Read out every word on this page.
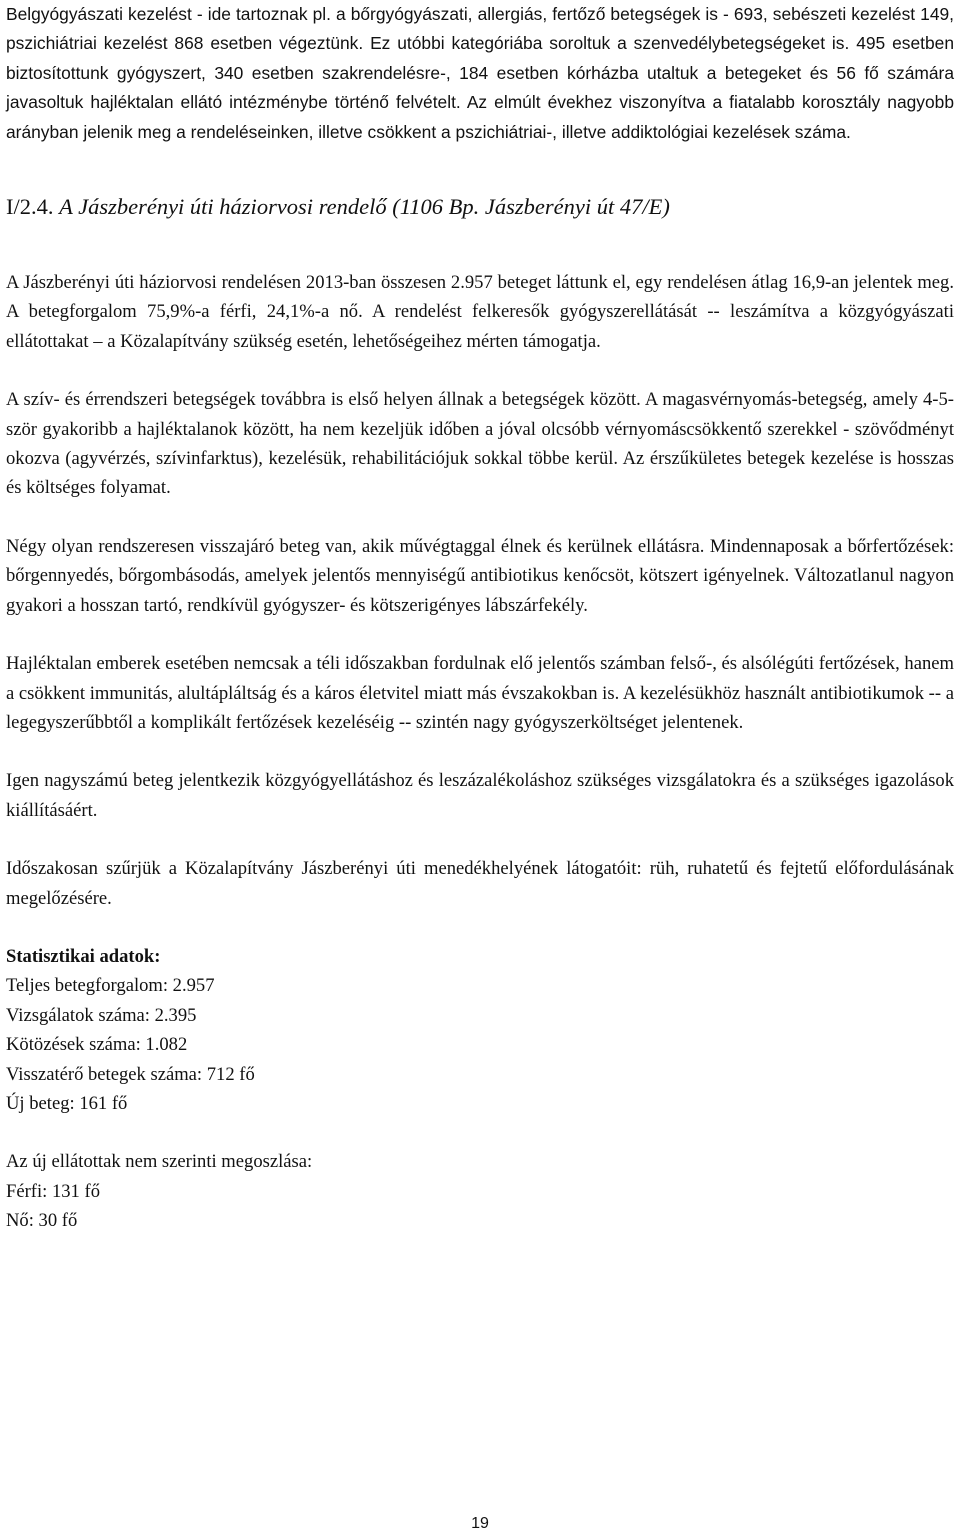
Belgyógyászati kezelést - ide tartoznak pl. a bőrgyógyászati, allergiás, fertőző betegségek is - 693, sebészeti kezelést 149, pszichiátriai kezelést 868 esetben végeztünk. Ez utóbbi kategóriába soroltuk a szenvedélybetegségeket is. 495 esetben biztosítottunk gyógyszert, 340 esetben szakrendelésre-, 184 esetben kórházba utaltuk a betegeket és 56 fő számára javasoltuk hajléktalan ellátó intézménybe történő felvételt. Az elmúlt évekhez viszonyítva a fiatalabb korosztály nagyobb arányban jelenik meg a rendeléseinken, illetve csökkent a pszichiátriai-, illetve addiktológiai kezelések száma.

I/2.4. A Jászberényi úti háziorvosi rendelő (1106 Bp. Jászberényi út 47/E)

A Jászberényi úti háziorvosi rendelésen 2013-ban összesen 2.957 beteget láttunk el, egy rendelésen átlag 16,9-an jelentek meg. A betegforgalom 75,9%-a férfi, 24,1%-a nő. A rendelést felkeresők gyógyszerellátását -- leszámítva a közgyógyászati ellátottakat – a Közalapítvány szükség esetén, lehetőségeihez mérten támogatja.

A szív- és érrendszeri betegségek továbbra is első helyen állnak a betegségek között. A magasvérnyomás-betegség, amely 4-5-ször gyakoribb a hajléktalanok között, ha nem kezeljük időben a jóval olcsóbb vérnyomáscsökkentő szerekkel - szövődményt okozva (agyvérzés, szívinfarktus), kezelésük, rehabilitációjuk sokkal többe kerül. Az érszűkületes betegek kezelése is hosszas és költséges folyamat.

Négy olyan rendszeresen visszajáró beteg van, akik művégtaggal élnek és kerülnek ellátásra. Mindennaposak a bőrfertőzések: bőrgennyedés, bőrgombásodás, amelyek jelentős mennyiségű antibiotikus kenőcsöt, kötszert igényelnek. Változatlanul nagyon gyakori a hosszan tartó, rendkívül gyógyszer- és kötszerigényes lábszárfekély.

Hajléktalan emberek esetében nemcsak a téli időszakban fordulnak elő jelentős számban felső-, és alsólégúti fertőzések, hanem a csökkent immunitás, alultápláltság és a káros életvitel miatt más évszakokban is. A kezelésükhöz használt antibiotikumok -- a legegyszerűbbtől a komplikált fertőzések kezeléséig -- szintén nagy gyógyszerköltséget jelentenek.

Igen nagyszámú beteg jelentkezik közgyógyellátáshoz és leszázalékoláshoz szükséges vizsgálatokra és a szükséges igazolások kiállításáért.

Időszakosan szűrjük a Közalapítvány Jászberényi úti menedékhelyének látogatóit: rüh, ruhatetű és fejtetű előfordulásának megelőzésére.

Statisztikai adatok:

Teljes betegforgalom: 2.957

Vizsgálatok száma: 2.395

Kötözések száma: 1.082

Visszatérő betegek száma: 712 fő

Új beteg: 161 fő

Az új ellátottak nem szerinti megoszlása:

Férfi: 131 fő

Nő: 30 fő

19
